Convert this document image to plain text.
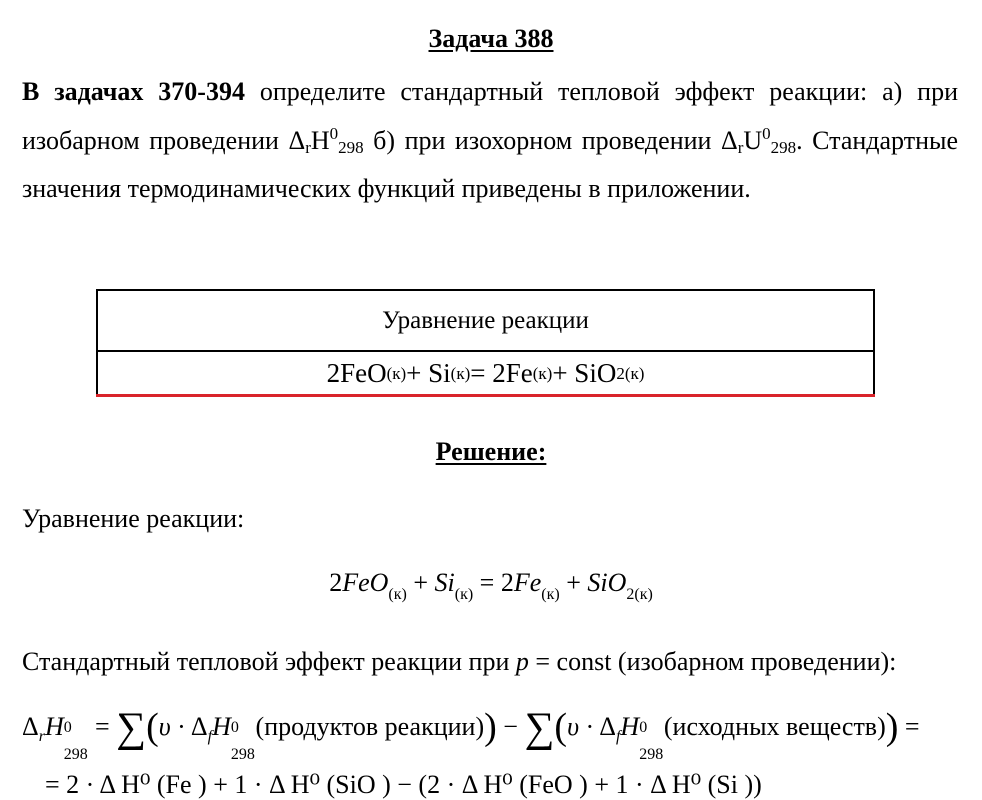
Задача 388

В задачах 370-394 определите стандартный тепловой эффект реакции: а) при изобарном проведении $\Delta_rH^0_{298}$ б) при изохорном проведении $\Delta_rU^0_{298}$. Стандартные значения термодинамических функций приведены в приложении.

Уравнение реакции
2FeO (к) + Si (к) = 2Fe (к) + SiO 2(к)
Решение:

Уравнение реакции:

$2FeO_{(к)} + Si_{(к)} = 2Fe_{(к)} + SiO_{2(к)}$

Стандартный тепловой эффект реакции при p = const (изобарном проведении):

$\Delta_rH$ 0
298
= $\sum(\upsilon \cdot \Delta_fH$ 0
298
(продуктов реакции)) − $\sum(\upsilon \cdot \Delta_fH$ 0
298
(исходных веществ)) =

= 2 · Δ H⁰ (Fe ) + 1 · Δ H⁰ (SiO ) − (2 · Δ H⁰ (FeO ) + 1 · Δ H⁰ (Si ))
